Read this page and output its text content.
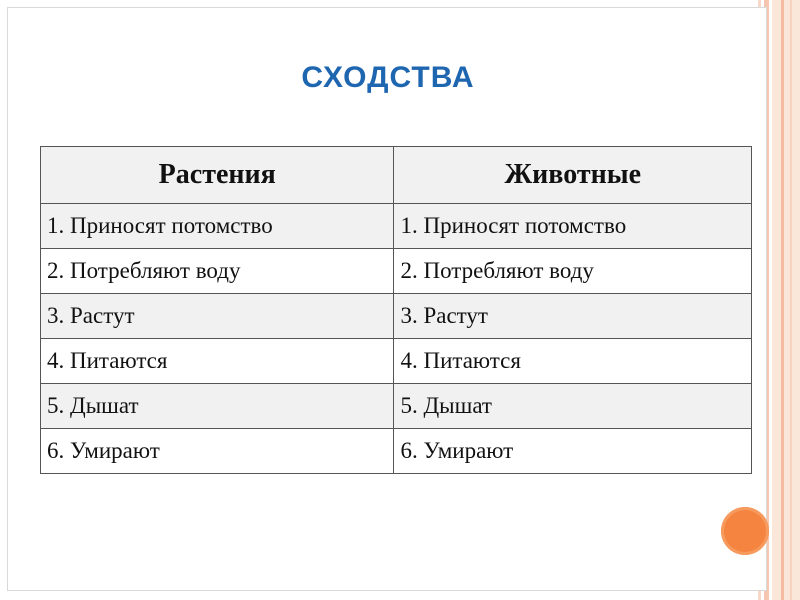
СХОДСТВА
Растения	Животные
1. Приносят потомство	1. Приносят потомство
2. Потребляют воду	2. Потребляют воду
3. Растут	3. Растут
4. Питаются	4. Питаются
5. Дышат	5. Дышат
6. Умирают	6. Умирают
